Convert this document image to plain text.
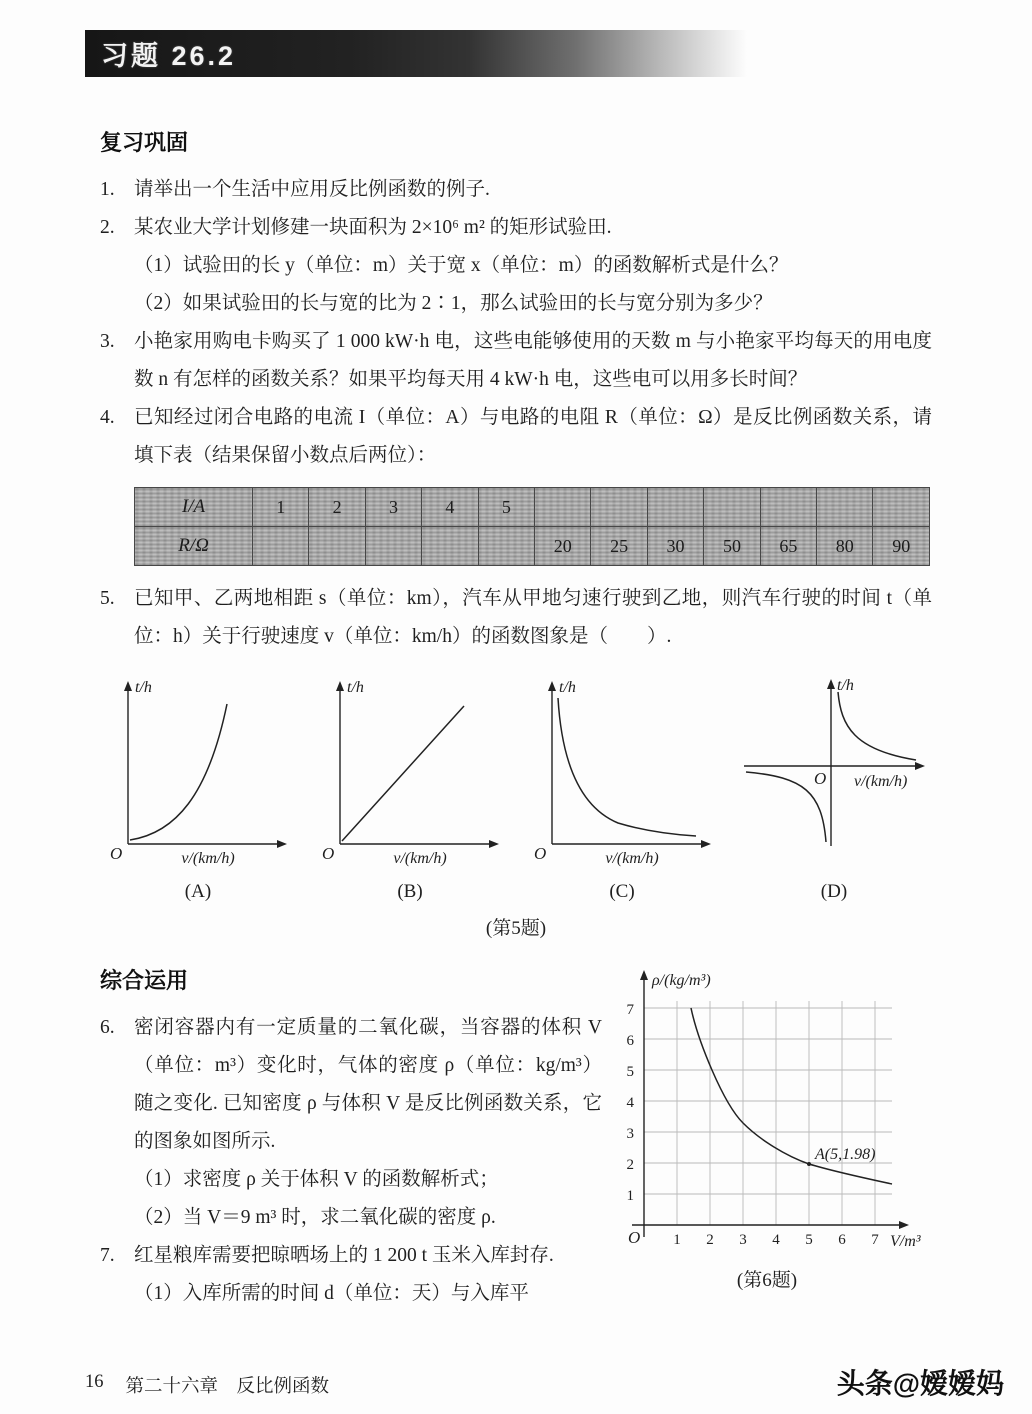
习题 26.2
复习巩固
1. 请举出一个生活中应用反比例函数的例子.
2. 某农业大学计划修建一块面积为 2×10⁶ m² 的矩形试验田.
（1）试验田的长 y（单位：m）关于宽 x（单位：m）的函数解析式是什么？
（2）如果试验田的长与宽的比为 2∶1，那么试验田的长与宽分别为多少？
3. 小艳家用购电卡购买了 1 000 kW·h 电，这些电能够使用的天数 m 与小艳家平均每天的用电度数 n 有怎样的函数关系？如果平均每天用 4 kW·h 电，这些电可以用多长时间？
4. 已知经过闭合电路的电流 I（单位：A）与电路的电阻 R（单位：Ω）是反比例函数关系，请填下表（结果保留小数点后两位）：
I/A	1	2	3	4	5							
R/Ω						20	25	30	50	65	80	90
5. 已知甲、乙两地相距 s（单位：km），汽车从甲地匀速行驶到乙地，则汽车行驶的时间 t（单位：h）关于行驶速度 v（单位：km/h）的函数图象是（　　）.
t/h
v/(km/h)
O
(A)
t/h
v/(km/h)
O
(B)
t/h
v/(km/h)
O
(C)
t/h
v/(km/h)
O
(D)
(第5题)
综合运用
6. 密闭容器内有一定质量的二氧化碳，当容器的体积 V（单位：m³）变化时，气体的密度 ρ（单位：kg/m³）随之变化. 已知密度 ρ 与体积 V 是反比例函数关系，它的图象如图所示.
（1）求密度 ρ 关于体积 V 的函数解析式；
（2）当 V＝9 m³ 时，求二氧化碳的密度 ρ.
7. 红星粮库需要把晾晒场上的 1 200 t 玉米入库封存.
（1）入库所需的时间 d（单位：天）与入库平
ρ/(kg/m³)
V/m³
O
A(5,1.98)
1
2
3
4
5
6
7
1 2 3 4 5 6 7
(第6题)
16 第二十六章　反比例函数	头条@嫒嫒妈
